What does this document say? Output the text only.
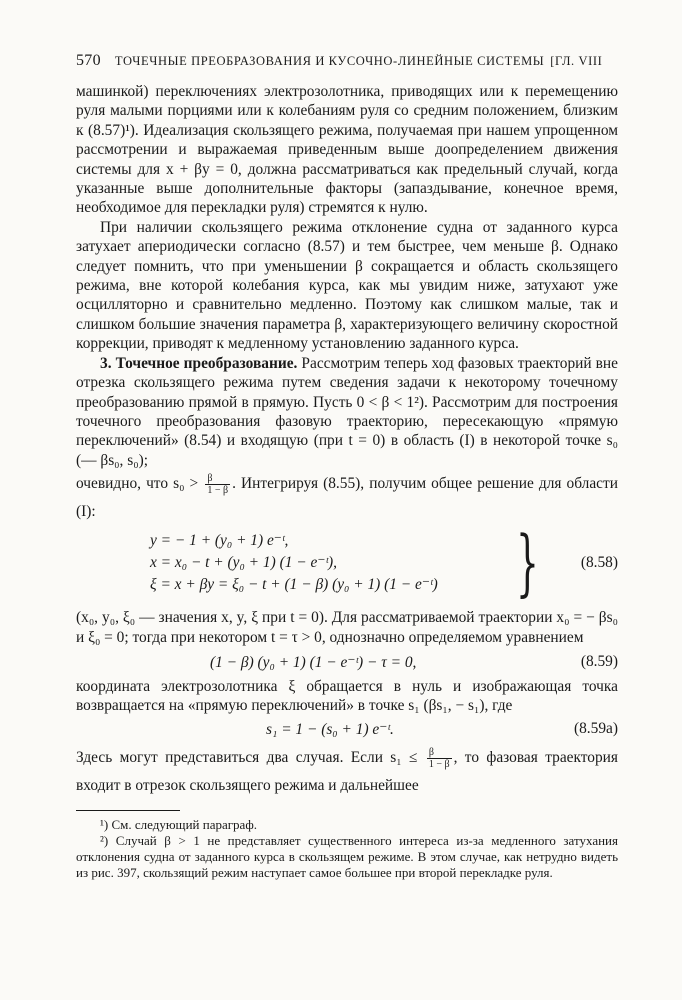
570 ТОЧЕЧНЫЕ ПРЕОБРАЗОВАНИЯ И КУСОЧНО-ЛИНЕЙНЫЕ СИСТЕМЫ [ГЛ. VIII

машинкой) переключениях электрозолотника, приводящих или к перемещению руля малыми порциями или к колебаниям руля со средним положением, близким к (8.57)¹). Идеализация скользящего режима, получаемая при нашем упрощенном рассмотрении и выражаемая приведенным выше доопределением движения системы для x + βy = 0, должна рассматриваться как предельный случай, когда указанные выше дополнительные факторы (запаздывание, конечное время, необходимое для перекладки руля) стремятся к нулю.

При наличии скользящего режима отклонение судна от заданного курса затухает апериодически согласно (8.57) и тем быстрее, чем меньше β. Однако следует помнить, что при уменьшении β сокращается и область скользящего режима, вне которой колебания курса, как мы увидим ниже, затухают уже осцилляторно и сравнительно медленно. Поэтому как слишком малые, так и слишком большие значения параметра β, характеризующего величину скоростной коррекции, приводят к медленному установлению заданного курса.

3. Точечное преобразование. Рассмотрим теперь ход фазовых траекторий вне отрезка скользящего режима путем сведения задачи к некоторому точечному преобразованию прямой в прямую. Пусть 0 < β < 1²). Рассмотрим для построения точечного преобразования фазовую траекторию, пересекающую «прямую переключений» (8.54) и входящую (при t = 0) в область (I) в некоторой точке s₀ (— βs₀, s₀);

очевидно, что $s_0 > \frac{\beta}{1 - \beta}$ . Интегрируя (8.55), получим общее решение для области (I):

y = − 1 + (y₀ + 1) e⁻ᵗ,
x = x₀ − t + (y₀ + 1) (1 − e⁻ᵗ),
ξ = x + βy = ξ₀ − t + (1 − β) (y₀ + 1) (1 − e⁻ᵗ) }	(8.58)

(x₀, y₀, ξ₀ — значения x, y, ξ при t = 0). Для рассматриваемой траектории x₀ = − βs₀ и ξ₀ = 0; тогда при некотором t = τ > 0, однозначно определяемом уравнением

(1 − β) (y₀ + 1) (1 − e⁻ᵗ) − τ = 0,	(8.59)

координата электрозолотника ξ обращается в нуль и изображающая точка возвращается на «прямую переключений» в точке s₁ (βs₁, − s₁), где

s₁ = 1 − (s₀ + 1) e⁻ᵗ.	(8.59a)

Здесь могут представиться два случая. Если $s_1 \le \frac{\beta}{1 - \beta}$ , то фазовая траектория входит в отрезок скользящего режима и дальнейшее

¹) См. следующий параграф.

²) Случай β > 1 не представляет существенного интереса из-за медленного затухания отклонения судна от заданного курса в скользящем режиме. В этом случае, как нетрудно видеть из рис. 397, скользящий режим наступает самое большее при второй перекладке руля.
